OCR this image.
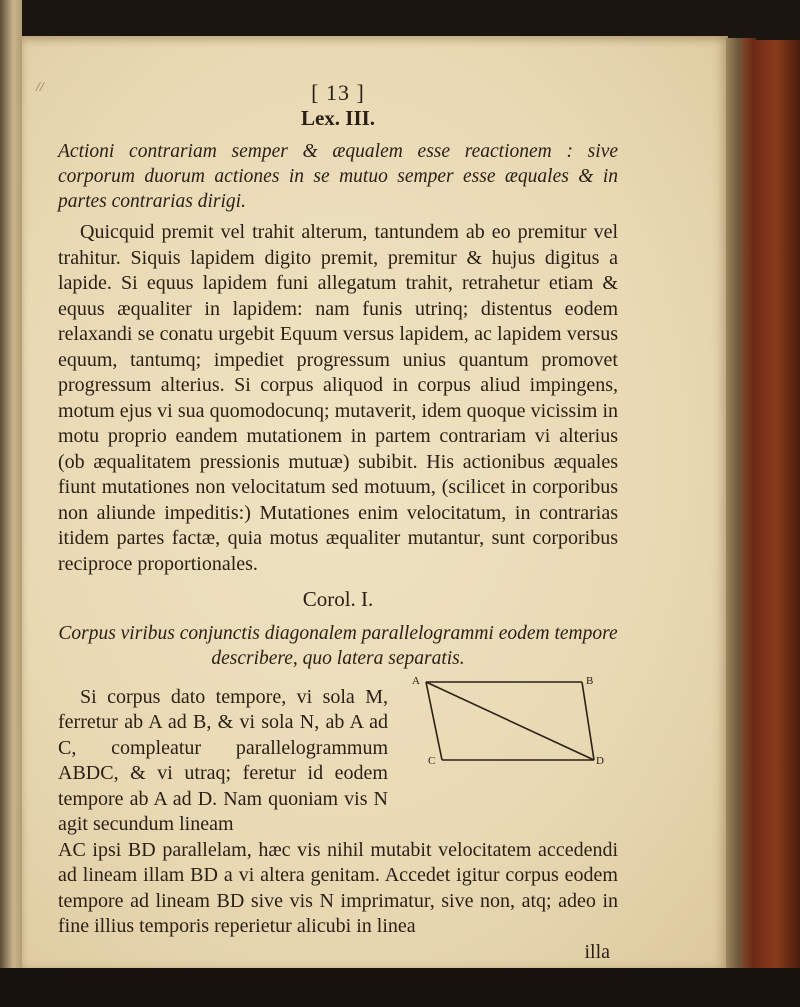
//	[ 13 ]
Lex. III.

Actioni contrariam semper & æqualem esse reactionem : sive corporum duorum actiones in se mutuo semper esse æquales & in partes contrarias dirigi.

Quicquid premit vel trahit alterum, tantundem ab eo premitur vel trahitur. Siquis lapidem digito premit, premitur & hujus digitus a lapide. Si equus lapidem funi allegatum trahit, retrahetur etiam & equus æqualiter in lapidem: nam funis utrinq; distentus eodem relaxandi se conatu urgebit Equum versus lapidem, ac lapidem versus equum, tantumq; impediet progressum unius quantum promovet progressum alterius. Si corpus aliquod in corpus aliud impingens, motum ejus vi sua quomodocunq; mutaverit, idem quoque vicissim in motu proprio eandem mutationem in partem contrariam vi alterius (ob æqualitatem pressionis mutuæ) subibit. His actionibus æquales fiunt mutationes non velocitatum sed motuum, (scilicet in corporibus non aliunde impeditis:) Mutationes enim velocitatum, in contrarias itidem partes factæ, quia motus æqualiter mutantur, sunt corporibus reciproce proportionales.

Corol. I.

Corpus viribus conjunctis diagonalem parallelogrammi eodem tempore describere, quo latera separatis.

Si corpus dato tempore, vi sola M, ferretur ab A ad B, & vi sola N, ab A ad C, compleatur parallelogrammum ABDC, & vi utraq; feretur id eodem tempore ab A ad D. Nam quoniam vis N agit secundum lineam

AC ipsi BD parallelam, hæc vis nihil mutabit velocitatem accedendi ad lineam illam BD a vi altera genitam. Accedet igitur corpus eodem tempore ad lineam BD sive vis N imprimatur, sive non, atq; adeo in fine illius temporis reperietur alicubi in linea

illa

A	B
C	D
